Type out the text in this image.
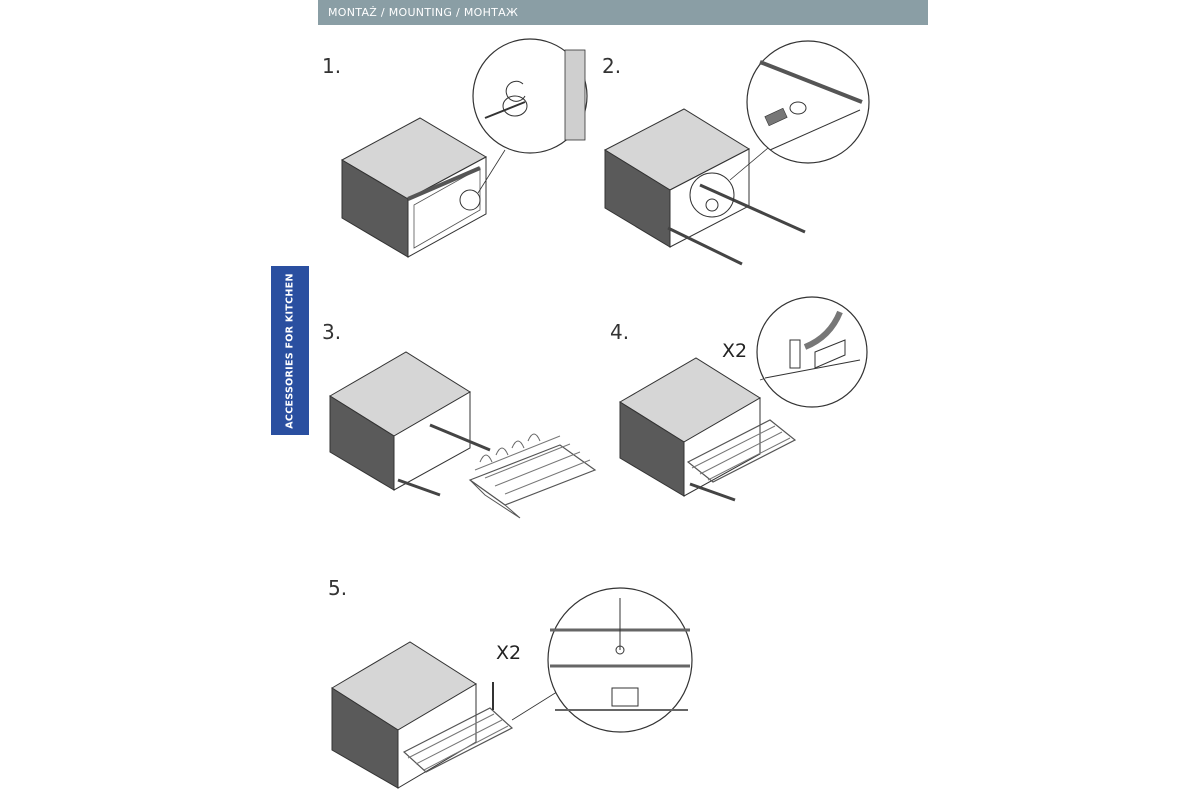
MONTAŻ / MOUNTING / МОНТАЖ
ACCESSORIES FOR KITCHEN
1.	2.
3.	4.
5.
X2
X2
